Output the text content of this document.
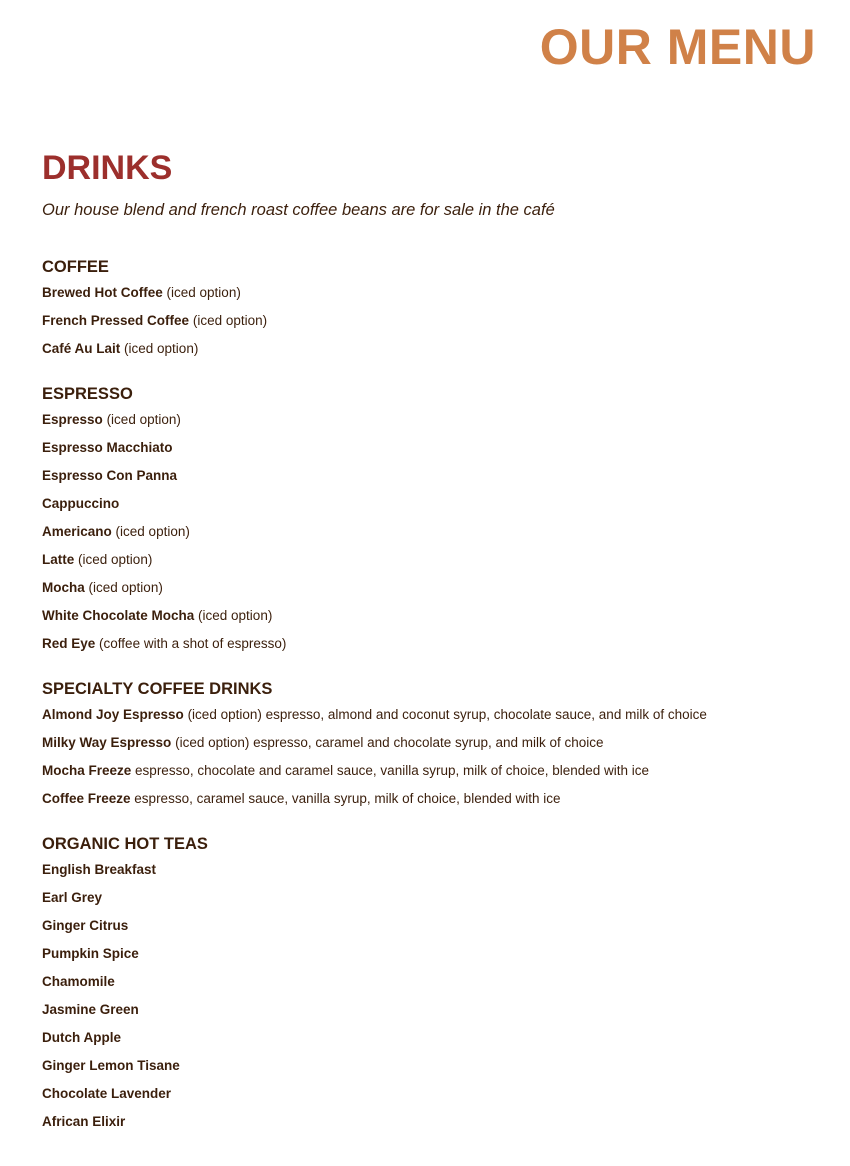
OUR MENU
DRINKS

Our house blend and french roast coffee beans are for sale in the café

COFFEE
Brewed Hot Coffee (iced option)
French Pressed Coffee (iced option)
Café Au Lait (iced option)
ESPRESSO
Espresso (iced option)
Espresso Macchiato
Espresso Con Panna
Cappuccino
Americano (iced option)
Latte (iced option)
Mocha (iced option)
White Chocolate Mocha (iced option)
Red Eye (coffee with a shot of espresso)
SPECIALTY COFFEE DRINKS
Almond Joy Espresso (iced option) espresso, almond and coconut syrup, chocolate sauce, and milk of choice
Milky Way Espresso (iced option) espresso, caramel and chocolate syrup, and milk of choice
Mocha Freeze espresso, chocolate and caramel sauce, vanilla syrup, milk of choice, blended with ice
Coffee Freeze espresso, caramel sauce, vanilla syrup, milk of choice, blended with ice
ORGANIC HOT TEAS
English Breakfast
Earl Grey
Ginger Citrus
Pumpkin Spice
Chamomile
Jasmine Green
Dutch Apple
Ginger Lemon Tisane
Chocolate Lavender
African Elixir
